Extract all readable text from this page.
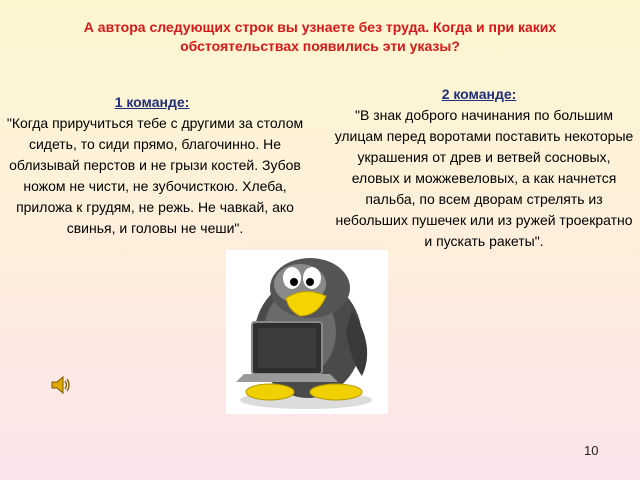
А автора следующих строк вы узнаете без труда. Когда и при каких обстоятельствах появились эти указы?
1 команде:
"Когда приручиться тебе с другими за столом сидеть, то сиди прямо, благочинно. Не облизывай перстов и не грызи костей. Зубов ножом не чисти, не зубочисткою. Хлеба, приложа к грудям, не режь. Не чавкай, ако свинья, и головы не чеши".
2 команде:
"В знак доброго начинания по большим улицам перед воротами поставить некоторые украшения от древ и ветвей сосновых, еловых и можжевеловых, а как начнется пальба, по всем дворам стрелять из небольших пушечек или из ружей троекратно и пускать ракеты".
10
